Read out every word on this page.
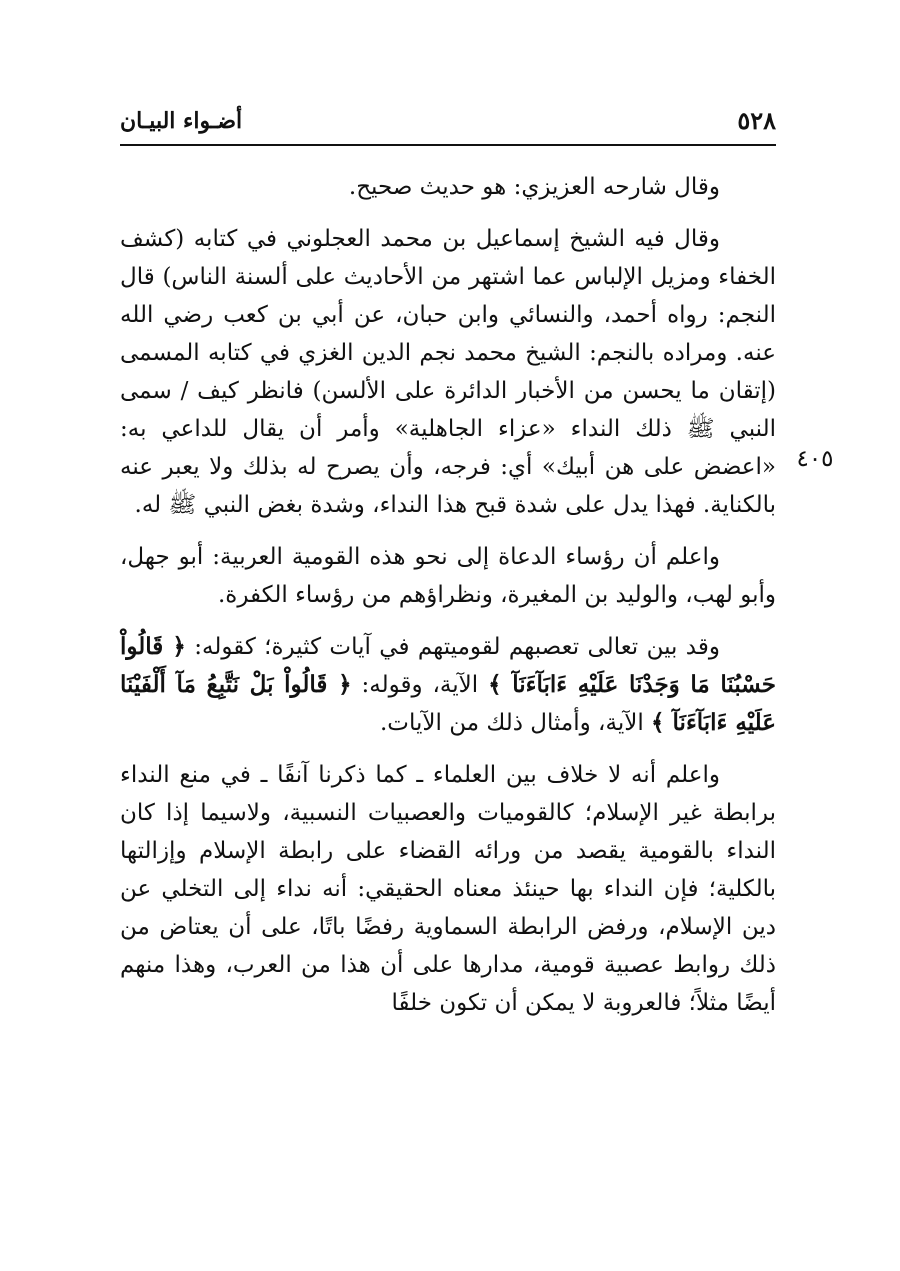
٥٢٨
أضـواء البيـان
٤٠٥

وقال شارحه العزيزي: هو حديث صحيح.

وقال فيه الشيخ إسماعيل بن محمد العجلوني في كتابه (كشف الخفاء ومزيل الإلباس عما اشتهر من الأحاديث على ألسنة الناس) قال النجم: رواه أحمد، والنسائي وابن حبان، عن أبي بن كعب رضي الله عنه. ومراده بالنجم: الشيخ محمد نجم الدين الغزي في كتابه المسمى (إتقان ما يحسن من الأخبار الدائرة على الألسن) فانظر كيف / سمى النبي ﷺ ذلك النداء «عزاء الجاهلية» وأمر أن يقال للداعي به: «اعضض على هن أبيك» أي: فرجه، وأن يصرح له بذلك ولا يعبر عنه بالكناية. فهذا يدل على شدة قبح هذا النداء، وشدة بغض النبي ﷺ له.

واعلم أن رؤساء الدعاة إلى نحو هذه القومية العربية: أبو جهل، وأبو لهب، والوليد بن المغيرة، ونظراؤهم من رؤساء الكفرة.

وقد بين تعالى تعصبهم لقوميتهم في آيات كثيرة؛ كقوله: ﴿ قَالُواْ حَسْبُنَا مَا وَجَدْنَا عَلَيْهِ ءَابَآءَنَآ ﴾ الآية، وقوله: ﴿ قَالُواْ بَلْ نَتَّبِعُ مَآ أَلْفَيْنَا عَلَيْهِ ءَابَآءَنَآ ﴾ الآية، وأمثال ذلك من الآيات.

واعلم أنه لا خلاف بين العلماء ـ كما ذكرنا آنفًا ـ في منع النداء برابطة غير الإسلام؛ كالقوميات والعصبيات النسبية، ولاسيما إذا كان النداء بالقومية يقصد من ورائه القضاء على رابطة الإسلام وإزالتها بالكلية؛ فإن النداء بها حينئذ معناه الحقيقي: أنه نداء إلى التخلي عن دين الإسلام، ورفض الرابطة السماوية رفضًا باتًا، على أن يعتاض من ذلك روابط عصبية قومية، مدارها على أن هذا من العرب، وهذا منهم أيضًا مثلاً؛ فالعروبة لا يمكن أن تكون خلفًا
